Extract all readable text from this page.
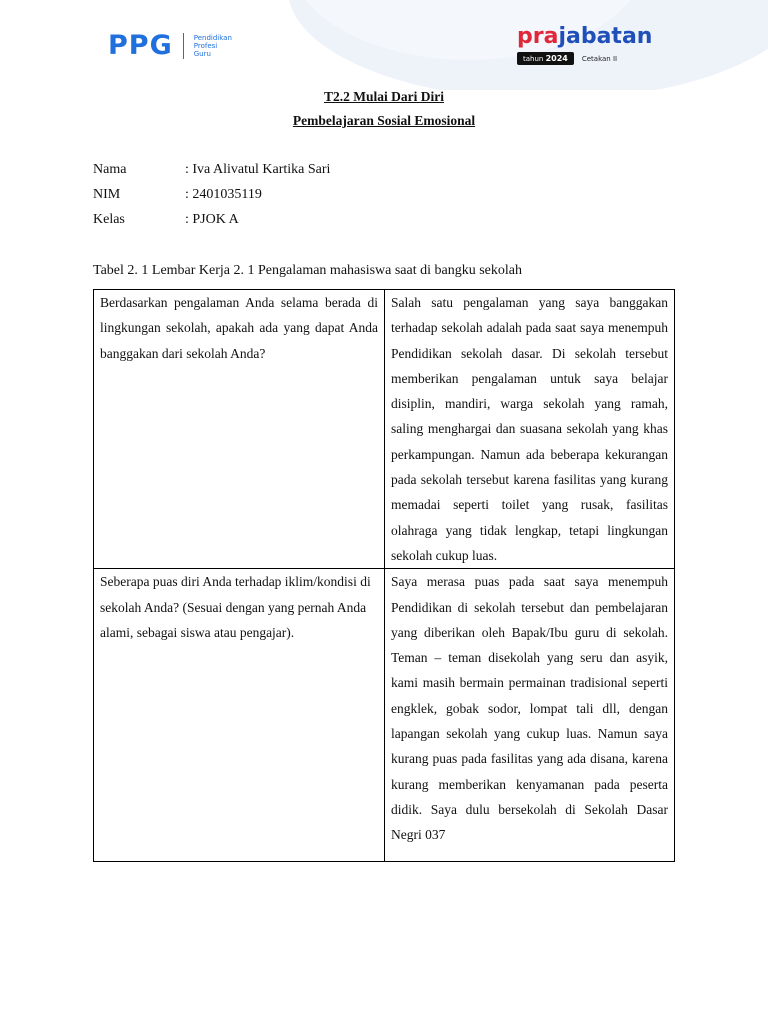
PPG	Pendidikan
Profesi
Guru
prajabatan
tahun 2024	Cetakan II
T2.2 Mulai Dari Diri
Pembelajaran Sosial Emosional
Nama	: Iva Alivatul Kartika Sari
NIM	: 2401035119
Kelas	: PJOK A
Tabel 2. 1 Lembar Kerja 2. 1 Pengalaman mahasiswa saat di bangku sekolah
Berdasarkan pengalaman Anda selama berada di lingkungan sekolah, apakah ada yang dapat Anda banggakan dari sekolah Anda?	Salah satu pengalaman yang saya banggakan terhadap sekolah adalah pada saat saya menempuh Pendidikan sekolah dasar. Di sekolah tersebut memberikan pengalaman untuk saya belajar disiplin, mandiri, warga sekolah yang ramah, saling menghargai dan suasana sekolah yang khas perkampungan. Namun ada beberapa kekurangan pada sekolah tersebut karena fasilitas yang kurang memadai seperti toilet yang rusak, fasilitas olahraga yang tidak lengkap, tetapi lingkungan sekolah cukup luas.
Seberapa puas diri Anda terhadap iklim/kondisi di sekolah Anda? (Sesuai dengan yang pernah Anda alami, sebagai siswa atau pengajar).	Saya merasa puas pada saat saya menempuh Pendidikan di sekolah tersebut dan pembelajaran yang diberikan oleh Bapak/Ibu guru di sekolah. Teman – teman disekolah yang seru dan asyik, kami masih bermain permainan tradisional seperti engklek, gobak sodor, lompat tali dll, dengan lapangan sekolah yang cukup luas. Namun saya kurang puas pada fasilitas yang ada disana, karena kurang memberikan kenyamanan pada peserta didik. Saya dulu bersekolah di Sekolah Dasar Negri 037
